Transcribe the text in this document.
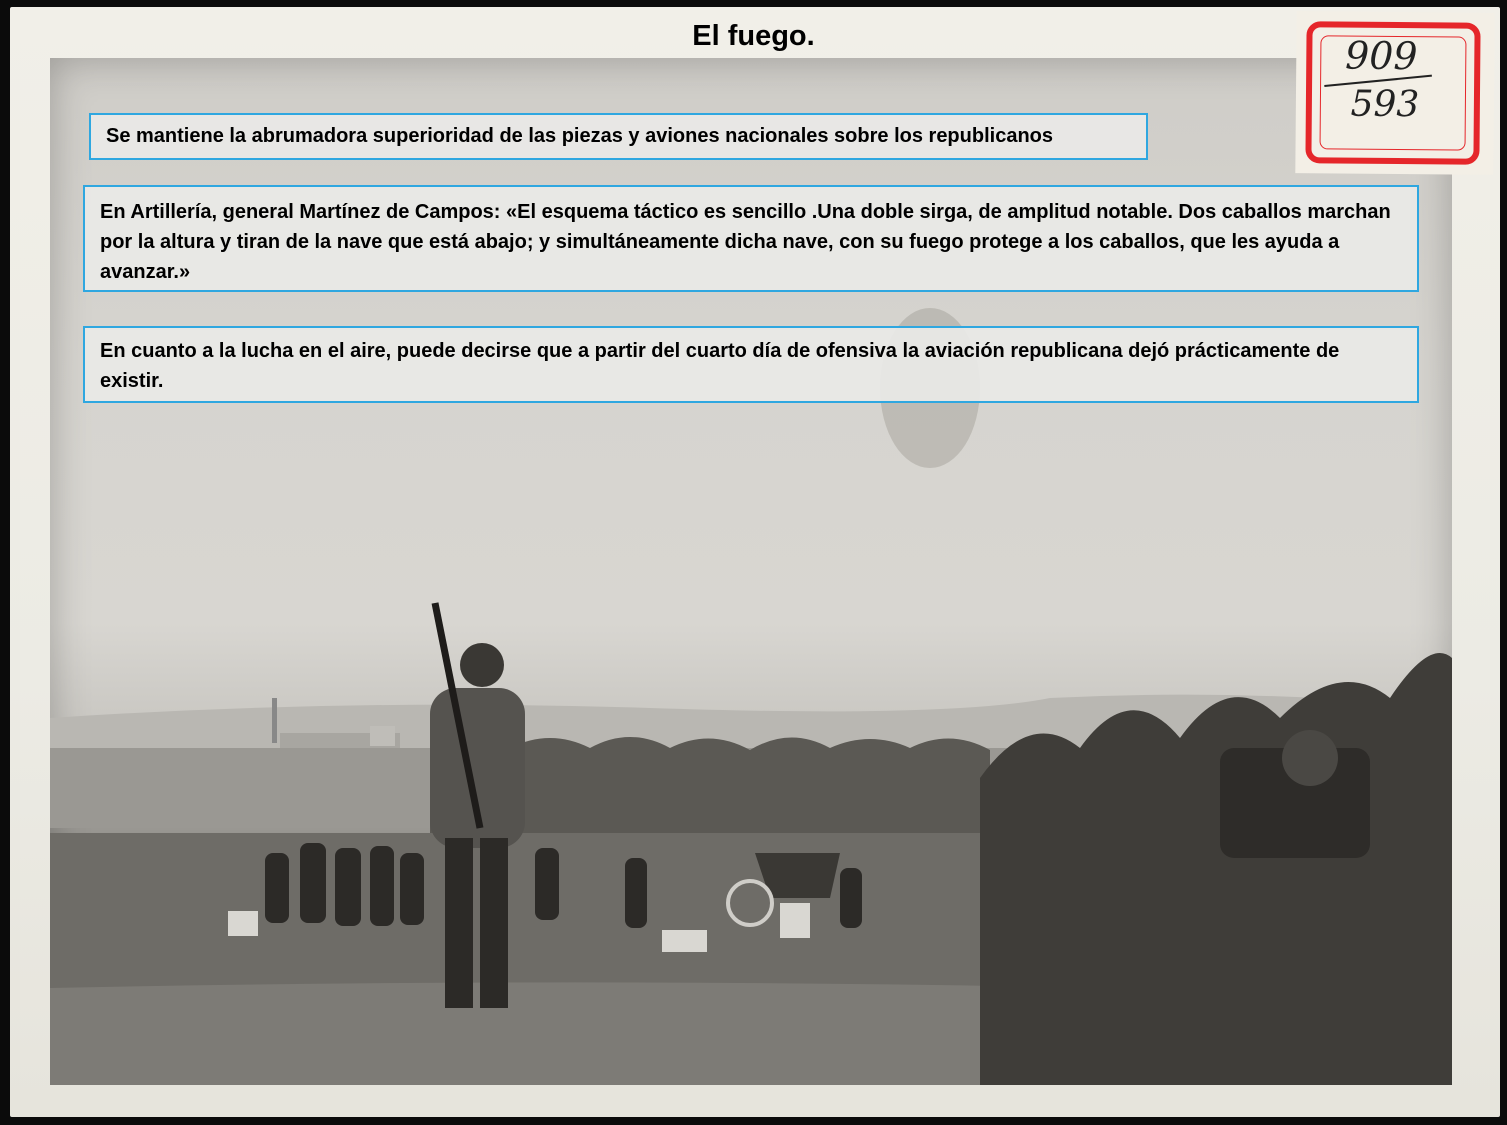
El fuego.	909
593
Se mantiene la abrumadora superioridad de las piezas y aviones nacionales sobre los republicanos
En Artillería, general Martínez de Campos: «El esquema táctico es sencillo .Una doble sirga, de amplitud notable. Dos caballos marchan por la altura y tiran de la nave que está abajo; y simultáneamente dicha nave, con su fuego protege a los caballos, que les ayuda a avanzar.»
En cuanto a la lucha en el aire, puede decirse que a partir del cuarto día de ofensiva la aviación republicana dejó prácticamente de existir.
